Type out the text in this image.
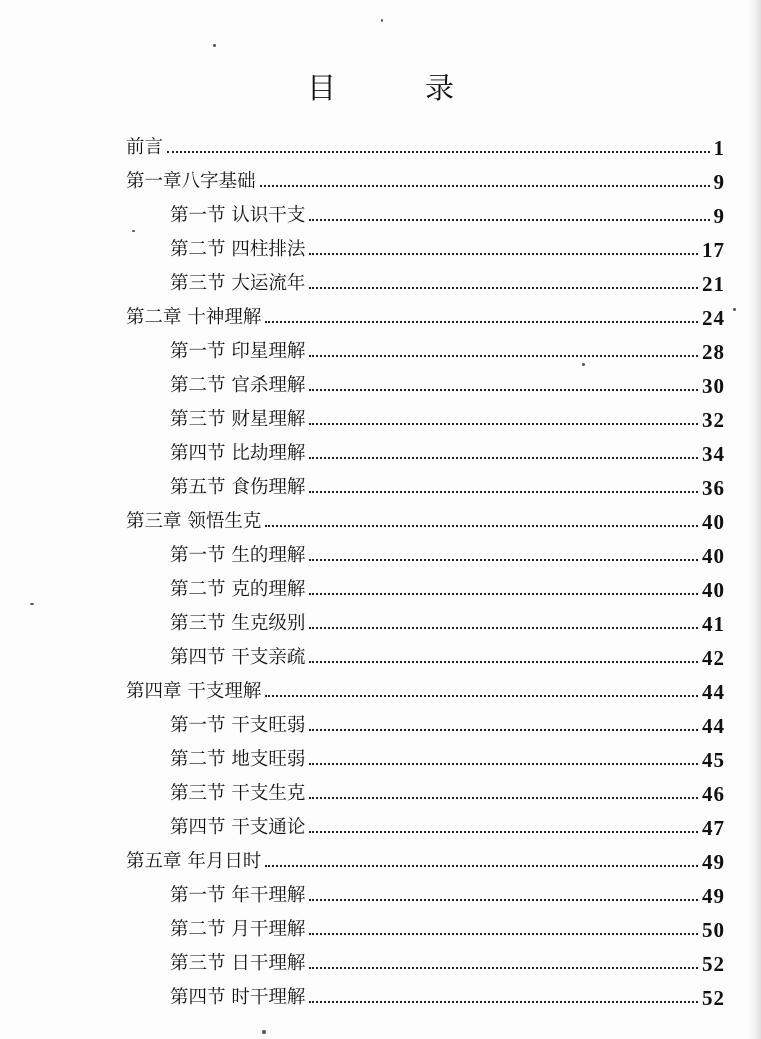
目　录
前言	1
第一章八字基础	9
第一节 认识干支	9
第二节 四柱排法	17
第三节 大运流年	21
第二章 十神理解	24
第一节 印星理解	28
第二节 官杀理解	30
第三节 财星理解	32
第四节 比劫理解	34
第五节 食伤理解	36
第三章 领悟生克	40
第一节 生的理解	40
第二节 克的理解	40
第三节 生克级别	41
第四节 干支亲疏	42
第四章 干支理解	44
第一节 干支旺弱	44
第二节 地支旺弱	45
第三节 干支生克	46
第四节 干支通论	47
第五章 年月日时	49
第一节 年干理解	49
第二节 月干理解	50
第三节 日干理解	52
第四节 时干理解	52
